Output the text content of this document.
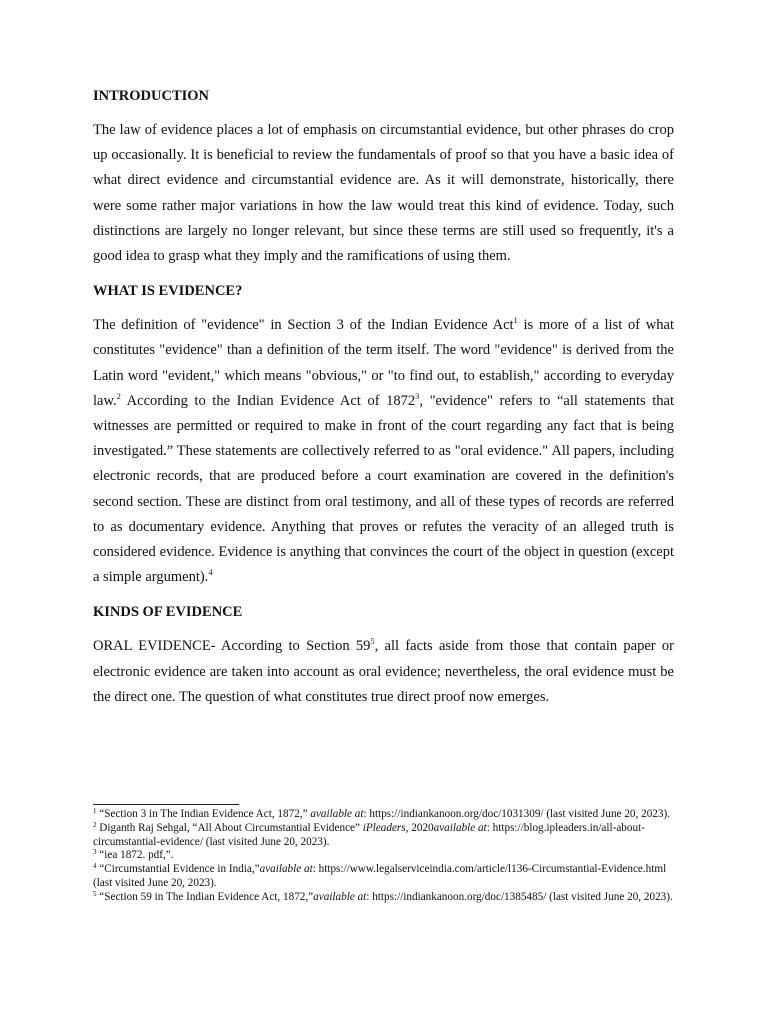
INTRODUCTION

The law of evidence places a lot of emphasis on circumstantial evidence, but other phrases do crop up occasionally. It is beneficial to review the fundamentals of proof so that you have a basic idea of what direct evidence and circumstantial evidence are. As it will demonstrate, historically, there were some rather major variations in how the law would treat this kind of evidence. Today, such distinctions are largely no longer relevant, but since these terms are still used so frequently, it's a good idea to grasp what they imply and the ramifications of using them.

WHAT IS EVIDENCE?

The definition of "evidence" in Section 3 of the Indian Evidence Act$^1$ is more of a list of what constitutes "evidence" than a definition of the term itself. The word "evidence" is derived from the Latin word "evident," which means "obvious," or "to find out, to establish," according to everyday law.$^2$ According to the Indian Evidence Act of 1872$^3$, "evidence" refers to “all statements that witnesses are permitted or required to make in front of the court regarding any fact that is being investigated.” These statements are collectively referred to as "oral evidence." All papers, including electronic records, that are produced before a court examination are covered in the definition's second section. These are distinct from oral testimony, and all of these types of records are referred to as documentary evidence. Anything that proves or refutes the veracity of an alleged truth is considered evidence. Evidence is anything that convinces the court of the object in question (except a simple argument).$^4$

KINDS OF EVIDENCE

ORAL EVIDENCE- According to Section $59^5$, all facts aside from those that contain paper or electronic evidence are taken into account as oral evidence; nevertheless, the oral evidence must be the direct one. The question of what constitutes true direct proof now emerges.

$^1$ “Section 3 in The Indian Evidence Act, 1872,” available at: https://indiankanoon.org/doc/1031309/ (last visited June 20, 2023).

$^2$ Diganth Raj Sehgal, “All About Circumstantial Evidence” iPleaders, 2020available at: https://blog.ipleaders.in/all-about-circumstantial-evidence/ (last visited June 20, 2023).

$^3$ “iea 1872. pdf,”.

$^4$ “Circumstantial Evidence in India,”available at: https://www.legalserviceindia.com/article/l136-Circumstantial-Evidence.html (last visited June 20, 2023).

$^5$ “Section 59 in The Indian Evidence Act, 1872,”available at: https://indiankanoon.org/doc/1385485/ (last visited June 20, 2023).
